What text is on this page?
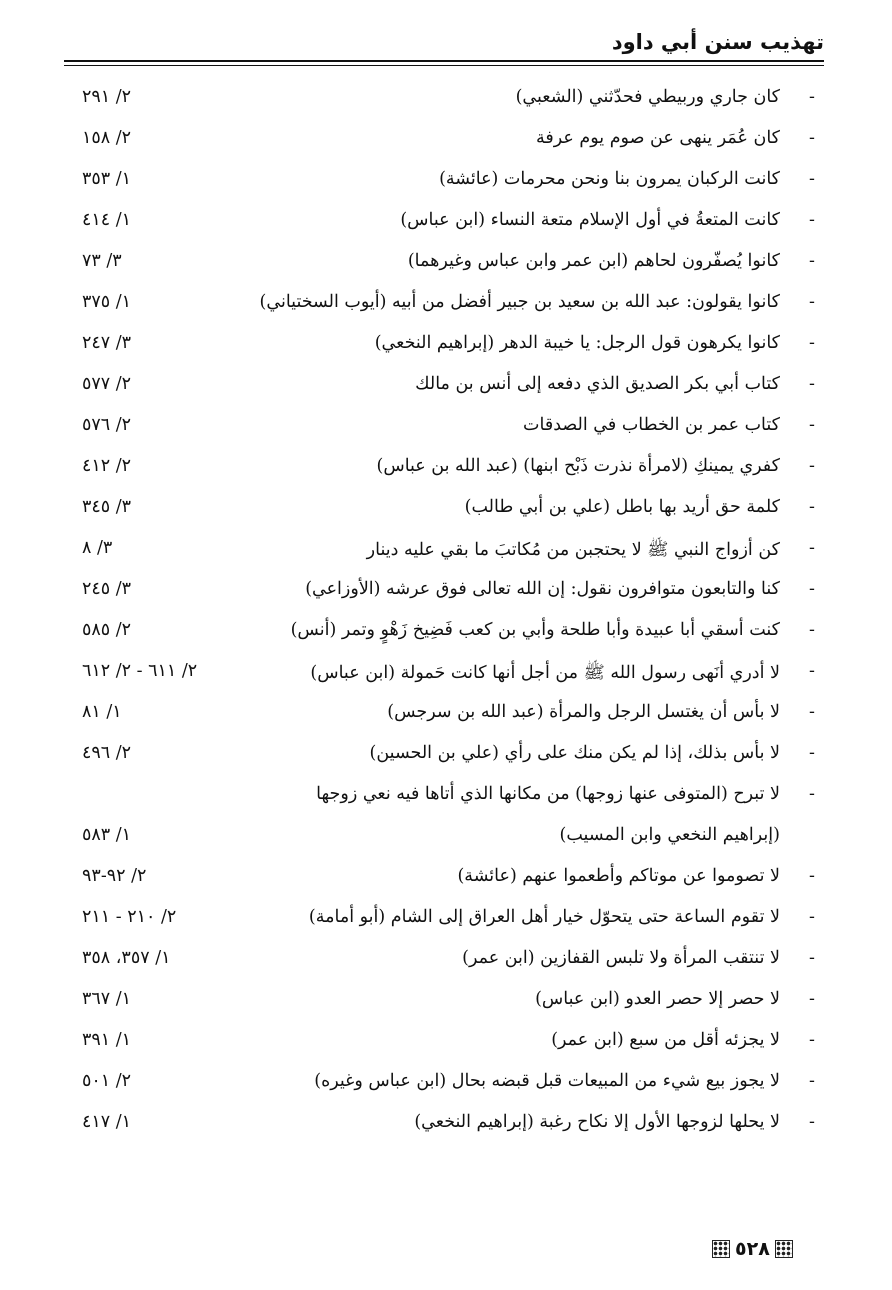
تهذيب سنن أبي داود
-
كان جاري وربيطي فحدّثني (الشعبي)
٢/ ٢٩١
-
كان عُمَر ينهى عن صوم يوم عرفة
٢/ ١٥٨
-
كانت الركبان يمرون بنا ونحن محرمات (عائشة)
١/ ٣٥٣
-
كانت المتعةُ في أول الإسلام متعة النساء (ابن عباس)
١/ ٤١٤
-
كانوا يُصفّرون لحاهم (ابن عمر وابن عباس وغيرهما)
٣/ ٧٣
-
كانوا يقولون: عبد الله بن سعيد بن جبير أفضل من أبيه (أيوب السختياني)
١/ ٣٧٥
-
كانوا يكرهون قول الرجل: يا خيبة الدهر (إبراهيم النخعي)
٣/ ٢٤٧
-
كتاب أبي بكر الصديق الذي دفعه إلى أنس بن مالك
٢/ ٥٧٧
-
كتاب عمر بن الخطاب في الصدقات
٢/ ٥٧٦
-
كفري يمينكِ (لامرأة نذرت ذَبْح ابنها) (عبد الله بن عباس)
٢/ ٤١٢
-
كلمة حق أريد بها باطل (علي بن أبي طالب)
٣/ ٣٤٥
-
كن أزواج النبي ﷺ لا يحتجبن من مُكاتبَ ما بقي عليه دينار
٣/ ٨
-
كنا والتابعون متوافرون نقول: إن الله تعالى فوق عرشه (الأوزاعي)
٣/ ٢٤٥
-
كنت أسقي أبا عبيدة وأبا طلحة وأبي بن كعب فَضِيخ زَهْوٍ وتمر (أنس)
٢/ ٥٨٥
-
لا أدري أنَهى رسول الله ﷺ من أجل أنها كانت حَمولة (ابن عباس)
٢/ ٦١١ - ٢/ ٦١٢
-
لا بأس أن يغتسل الرجل والمرأة (عبد الله بن سرجس)
١/ ٨١
-
لا بأس بذلك، إذا لم يكن منك على رأي (علي بن الحسين)
٢/ ٤٩٦
-
لا تبرح (المتوفى عنها زوجها) من مكانها الذي أتاها فيه نعي زوجها
(إبراهيم النخعي وابن المسيب)
١/ ٥٨٣
-
لا تصوموا عن موتاكم وأطعموا عنهم (عائشة)
٢/ ٩٢-٩٣
-
لا تقوم الساعة حتى يتحوّل خيار أهل العراق إلى الشام (أبو أمامة)
٢/ ٢١٠ - ٢١١
-
لا تنتقب المرأة ولا تلبس القفازين (ابن عمر)
١/ ٣٥٧، ٣٥٨
-
لا حصر إلا حصر العدو (ابن عباس)
١/ ٣٦٧
-
لا يجزئه أقل من سبع (ابن عمر)
١/ ٣٩١
-
لا يجوز بيع شيء من المبيعات قبل قبضه بحال (ابن عباس وغيره)
٢/ ٥٠١
-
لا يحلها لزوجها الأول إلا نكاح رغبة (إبراهيم النخعي)
١/ ٤١٧
٥٢٨
